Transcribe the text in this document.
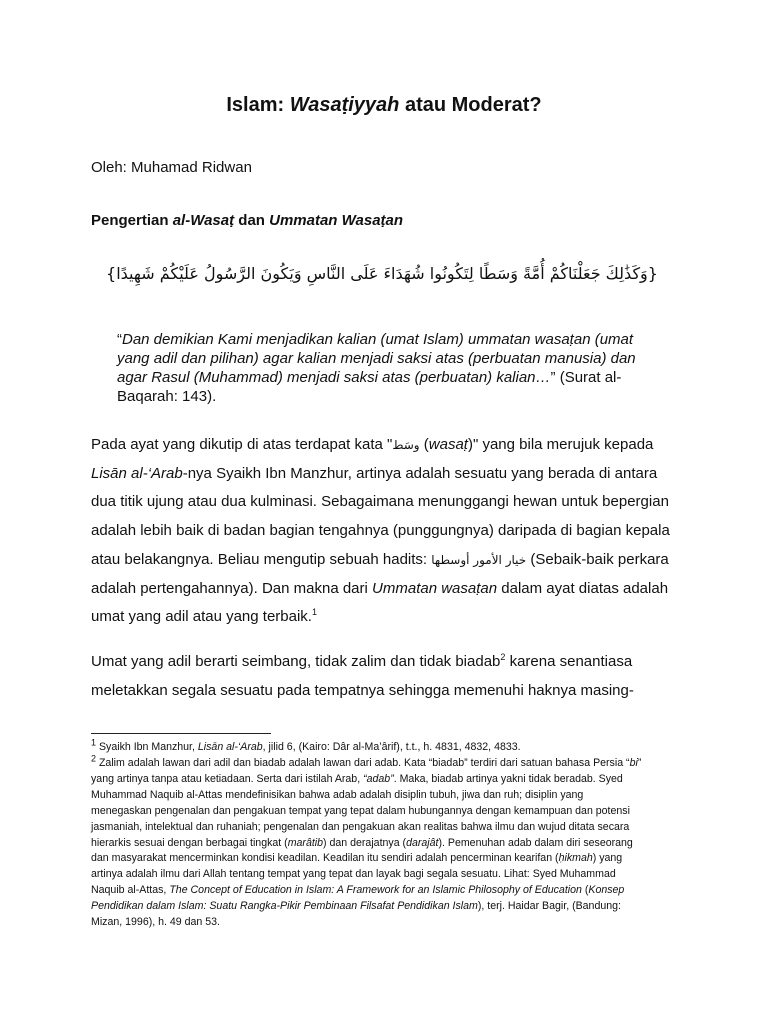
Islam: Wasaṭiyyah atau Moderat?
Oleh: Muhamad Ridwan
Pengertian al-Wasaṭ dan Ummatan Wasaṭan
{وَكَذَٰلِكَ جَعَلْنَاكُمْ أُمَّةً وَسَطًا لِتَكُونُوا شُهَدَاءَ عَلَى النَّاسِ وَيَكُونَ الرَّسُولُ عَلَيْكُمْ شَهِيدًا}
“Dan demikian Kami menjadikan kalian (umat Islam) ummatan wasaṭan (umat yang adil dan pilihan) agar kalian menjadi saksi atas (perbuatan manusia) dan agar Rasul (Muhammad) menjadi saksi atas (perbuatan) kalian…” (Surat al-Baqarah: 143).
Pada ayat yang dikutip di atas terdapat kata "وسَط (wasaṭ)" yang bila merujuk kepada
Lisān al-‘Arab-nya Syaikh Ibn Manzhur, artinya adalah sesuatu yang berada di antara
dua titik ujung atau dua kulminasi. Sebagaimana menunggangi hewan untuk bepergian
adalah lebih baik di badan bagian tengahnya (punggungnya) daripada di bagian kepala
atau belakangnya. Beliau mengutip sebuah hadits: خيار الأمور أوسطها (Sebaik-baik perkara
adalah pertengahannya). Dan makna dari Ummatan wasaṭan dalam ayat diatas adalah
umat yang adil atau yang terbaik.$^1$
Umat yang adil berarti seimbang, tidak zalim dan tidak biadab$^2$ karena senantiasa
meletakkan segala sesuatu pada tempatnya sehingga memenuhi haknya masing-
$^1$ Syaikh Ibn Manzhur, Lisān al-‘Arab, jilid 6, (Kairo: Dâr al-Ma’ârif), t.t., h. 4831, 4832, 4833.
$^2$ Zalim adalah lawan dari adil dan biadab adalah lawan dari adab. Kata “biadab” terdiri dari satuan bahasa Persia “bi”
yang artinya tanpa atau ketiadaan. Serta dari istilah Arab, “adab”. Maka, biadab artinya yakni tidak beradab. Syed
Muhammad Naquib al-Attas mendefinisikan bahwa adab adalah disiplin tubuh, jiwa dan ruh; disiplin yang
menegaskan pengenalan dan pengakuan tempat yang tepat dalam hubungannya dengan kemampuan dan potensi
jasmaniah, intelektual dan ruhaniah; pengenalan dan pengakuan akan realitas bahwa ilmu dan wujud ditata secara
hierarkis sesuai dengan berbagai tingkat (marâtib) dan derajatnya (darajât). Pemenuhan adab dalam diri seseorang
dan masyarakat mencerminkan kondisi keadilan. Keadilan itu sendiri adalah pencerminan kearifan (ḥikmah) yang
artinya adalah ilmu dari Allah tentang tempat yang tepat dan layak bagi segala sesuatu. Lihat: Syed Muhammad
Naquib al-Attas, The Concept of Education in Islam: A Framework for an Islamic Philosophy of Education (Konsep
Pendidikan dalam Islam: Suatu Rangka-Pikir Pembinaan Filsafat Pendidikan Islam), terj. Haidar Bagir, (Bandung:
Mizan, 1996), h. 49 dan 53.
